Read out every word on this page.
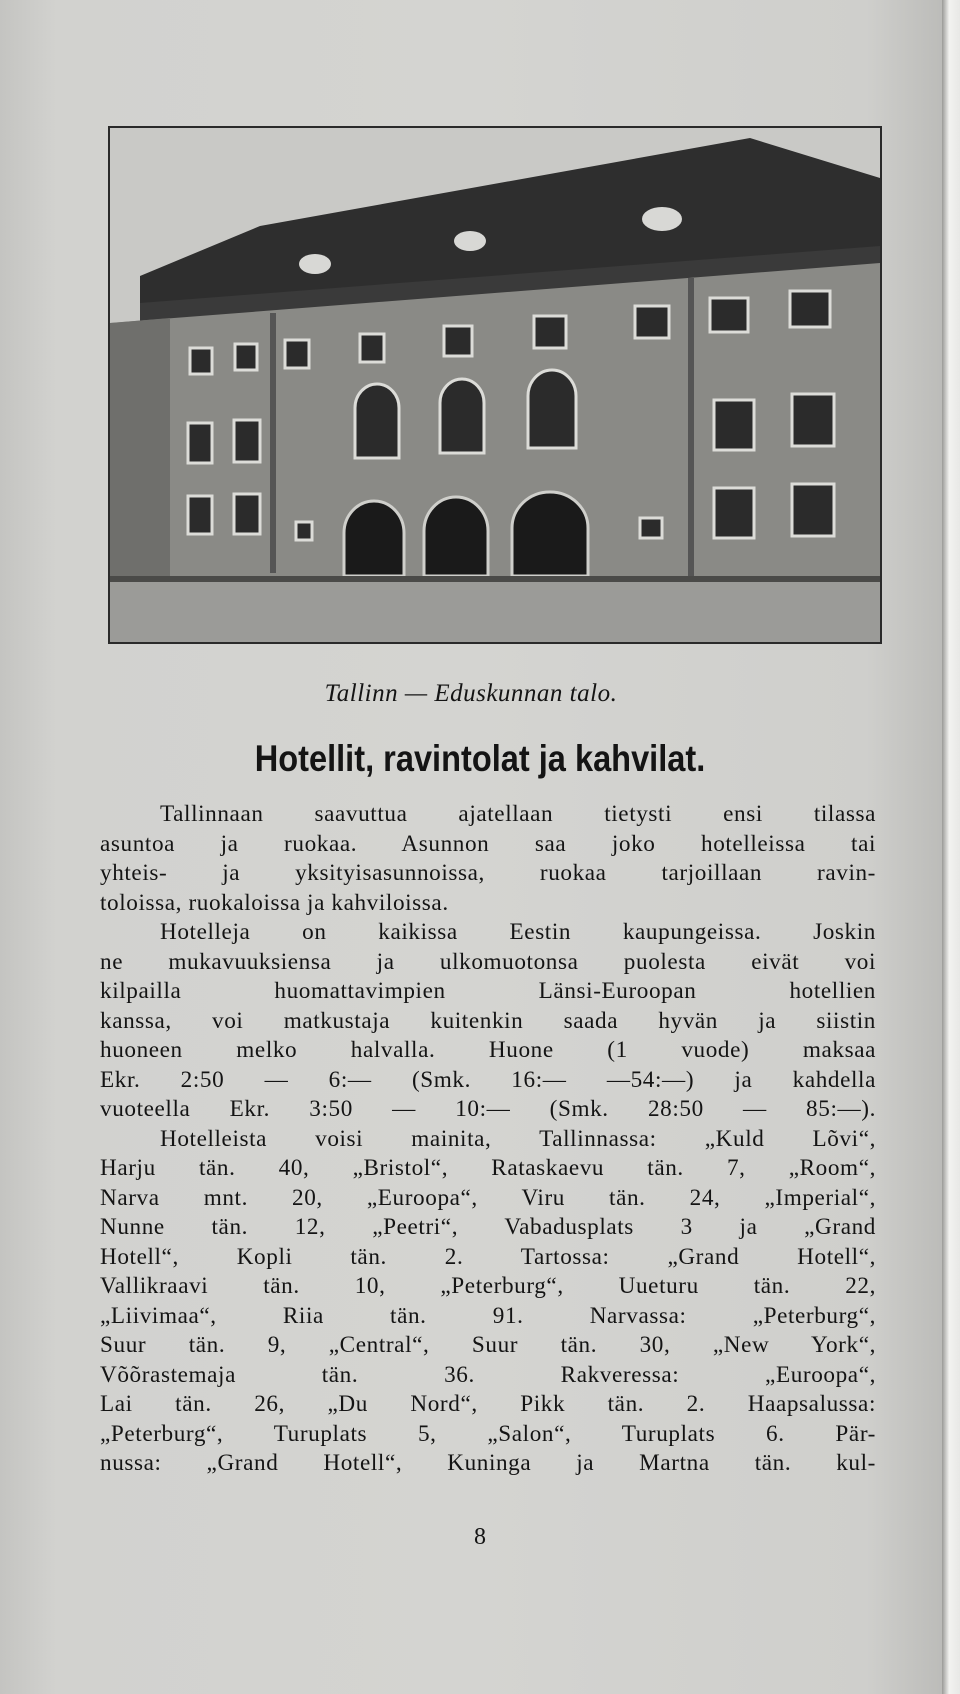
Tallinn — Eduskunnan talo.
Hotellit, ravintolat ja kahvilat.
Tallinnaan saavuttua ajatellaan tietysti ensi tilassa
asuntoa ja ruokaa. Asunnon saa joko hotelleissa tai
yhteis- ja yksityisasunnoissa, ruokaa tarjoillaan ravin-
toloissa, ruokaloissa ja kahviloissa.
Hotelleja on kaikissa Eestin kaupungeissa. Joskin
ne mukavuuksiensa ja ulkomuotonsa puolesta eivät voi
kilpailla huomattavimpien Länsi-Euroopan hotellien
kanssa, voi matkustaja kuitenkin saada hyvän ja siistin
huoneen melko halvalla. Huone (1 vuode) maksaa
Ekr. 2:50 — 6:— (Smk. 16:— —54:—) ja kahdella
vuoteella Ekr. 3:50 — 10:— (Smk. 28:50 — 85:—).
Hotelleista voisi mainita, Tallinnassa: „Kuld Lõvi“,
Harju tän. 40, „Bristol“, Rataskaevu tän. 7, „Room“,
Narva mnt. 20, „Euroopa“, Viru tän. 24, „Imperial“,
Nunne tän. 12, „Peetri“, Vabadusplats 3 ja „Grand
Hotell“, Kopli tän. 2. Tartossa: „Grand Hotell“,
Vallikraavi tän. 10, „Peterburg“, Uueturu tän. 22,
„Liivimaa“, Riia tän. 91. Narvassa: „Peterburg“,
Suur tän. 9, „Central“, Suur tän. 30, „New York“,
Võõrastemaja tän. 36. Rakveressa: „Euroopa“,
Lai tän. 26, „Du Nord“, Pikk tän. 2. Haapsalussa:
„Peterburg“, Turuplats 5, „Salon“, Turuplats 6. Pär-
nussa: „Grand Hotell“, Kuninga ja Martna tän. kul-
8
